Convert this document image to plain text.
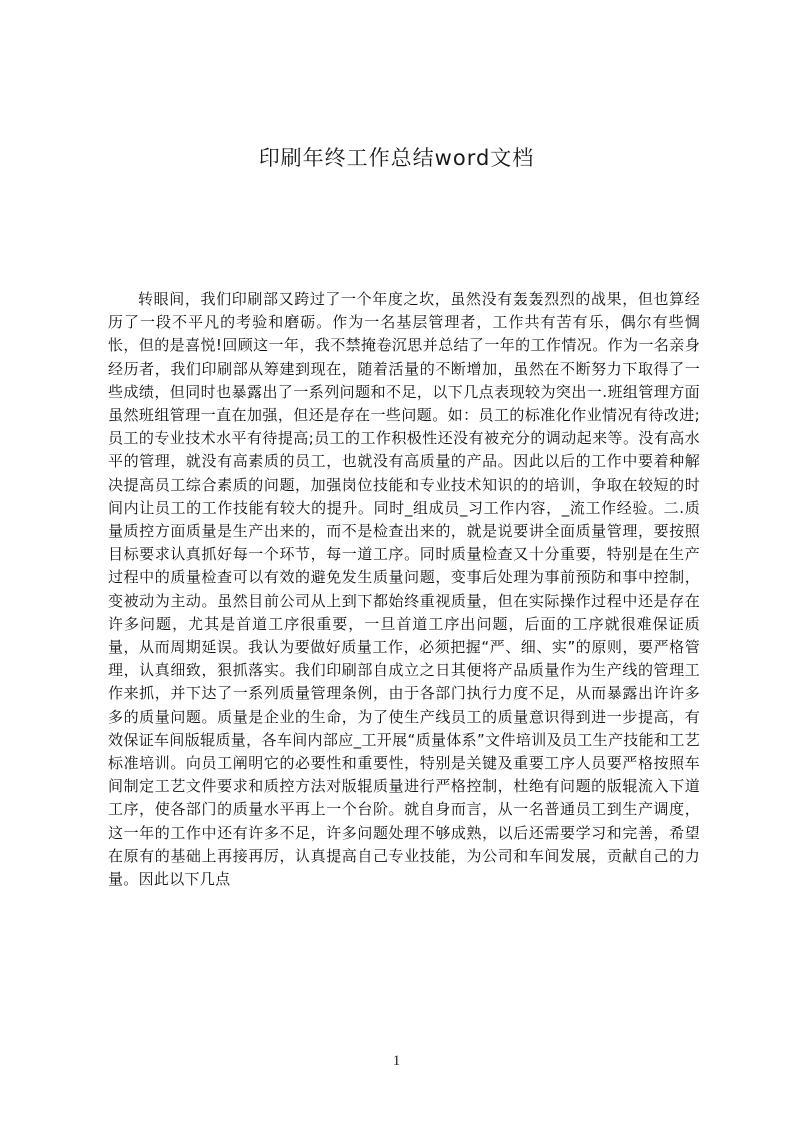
印刷年终工作总结word文档

转眼间，我们印刷部又跨过了一个年度之坎，虽然没有轰轰烈烈的战果，但也算经历了一段不平凡的考验和磨砺。作为一名基层管理者，工作共有苦有乐，偶尔有些惆怅，但的是喜悦!回顾这一年，我不禁掩卷沉思并总结了一年的工作情况。作为一名亲身经历者，我们印刷部从筹建到现在，随着活量的不断增加，虽然在不断努力下取得了一些成绩，但同时也暴露出了一系列问题和不足，以下几点表现较为突出一.班组管理方面虽然班组管理一直在加强，但还是存在一些问题。如：员工的标准化作业情况有待改进;员工的专业技术水平有待提高;员工的工作积极性还没有被充分的调动起来等。没有高水平的管理，就没有高素质的员工，也就没有高质量的产品。因此以后的工作中要着种解决提高员工综合素质的问题，加强岗位技能和专业技术知识的的培训，争取在较短的时间内让员工的工作技能有较大的提升。同时_组成员_习工作内容，_流工作经验。二.质量质控方面质量是生产出来的，而不是检查出来的，就是说要讲全面质量管理，要按照目标要求认真抓好每一个环节，每一道工序。同时质量检查又十分重要，特别是在生产过程中的质量检查可以有效的避免发生质量问题，变事后处理为事前预防和事中控制，变被动为主动。虽然目前公司从上到下都始终重视质量，但在实际操作过程中还是存在许多问题，尤其是首道工序很重要，一旦首道工序出问题，后面的工序就很难保证质量，从而周期延误。我认为要做好质量工作，必须把握“严、细、实”的原则，要严格管理，认真细致，狠抓落实。我们印刷部自成立之日其便将产品质量作为生产线的管理工作来抓，并下达了一系列质量管理条例，由于各部门执行力度不足，从而暴露出许许多多的质量问题。质量是企业的生命，为了使生产线员工的质量意识得到进一步提高，有效保证车间版辊质量，各车间内部应_工开展“质量体系”文件培训及员工生产技能和工艺标准培训。向员工阐明它的必要性和重要性，特别是关键及重要工序人员要严格按照车间制定工艺文件要求和质控方法对版辊质量进行严格控制，杜绝有问题的版辊流入下道工序，使各部门的质量水平再上一个台阶。就自身而言，从一名普通员工到生产调度，这一年的工作中还有许多不足，许多问题处理不够成熟，以后还需要学习和完善，希望在原有的基础上再接再厉，认真提高自己专业技能，为公司和车间发展，贡献自己的力量。因此以下几点

1
